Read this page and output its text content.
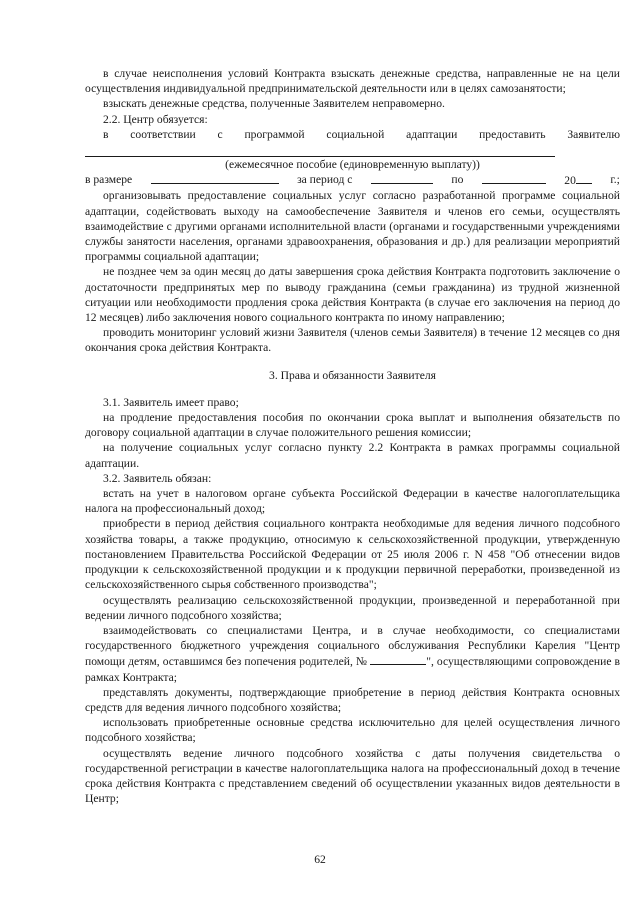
в случае неисполнения условий Контракта взыскать денежные средства, направленные не на цели осуществления индивидуальной предпринимательской деятельности или в целях самозанятости;

взыскать денежные средства, полученные Заявителем неправомерно.

2.2. Центр обязуется:

в соответствии с программой социальной адаптации предоставить Заявителю

(ежемесячное пособие (единовременную выплату))

в размере	за период с	по	20	г.;

организовывать предоставление социальных услуг согласно разработанной программе социальной адаптации, содействовать выходу на самообеспечение Заявителя и членов его семьи, осуществлять взаимодействие с другими органами исполнительной власти (органами и государственными учреждениями службы занятости населения, органами здравоохранения, образования и др.) для реализации мероприятий программы социальной адаптации;

не позднее чем за один месяц до даты завершения срока действия Контракта подготовить заключение о достаточности предпринятых мер по выводу гражданина (семьи гражданина) из трудной жизненной ситуации или необходимости продления срока действия Контракта (в случае его заключения на период до 12 месяцев) либо заключения нового социального контракта по иному направлению;

проводить мониторинг условий жизни Заявителя (членов семьи Заявителя) в течение 12 месяцев со дня окончания срока действия Контракта.

3. Права и обязанности Заявителя

3.1. Заявитель имеет право;

на продление предоставления пособия по окончании срока выплат и выполнения обязательств по договору социальной адаптации в случае положительного решения комиссии;

на получение социальных услуг согласно пункту 2.2 Контракта в рамках программы социальной адаптации.

3.2. Заявитель обязан:

встать на учет в налоговом органе субъекта Российской Федерации в качестве налогоплательщика налога на профессиональный доход;

приобрести в период действия социального контракта необходимые для ведения личного подсобного хозяйства товары, а также продукцию, относимую к сельскохозяйственной продукции, утвержденную постановлением Правительства Российской Федерации от 25 июля 2006 г. N 458 "Об отнесении видов продукции к сельскохозяйственной продукции и к продукции первичной переработки, произведенной из сельскохозяйственного сырья собственного производства";

осуществлять реализацию сельскохозяйственной продукции, произведенной и переработанной при ведении личного подсобного хозяйства;

взаимодействовать со специалистами Центра, и в случае необходимости, со специалистами государственного бюджетного учреждения социального обслуживания Республики Карелия "Центр помощи детям, оставшимся без попечения родителей, №	", осуществляющими сопровождение в рамках Контракта;

представлять документы, подтверждающие приобретение в период действия Контракта основных средств для ведения личного подсобного хозяйства;

использовать приобретенные основные средства исключительно для целей осуществления личного подсобного хозяйства;

осуществлять ведение личного подсобного хозяйства с даты получения свидетельства о государственной регистрации в качестве налогоплательщика налога на профессиональный доход в течение срока действия Контракта с представлением сведений об осуществлении указанных видов деятельности в Центр;

62
